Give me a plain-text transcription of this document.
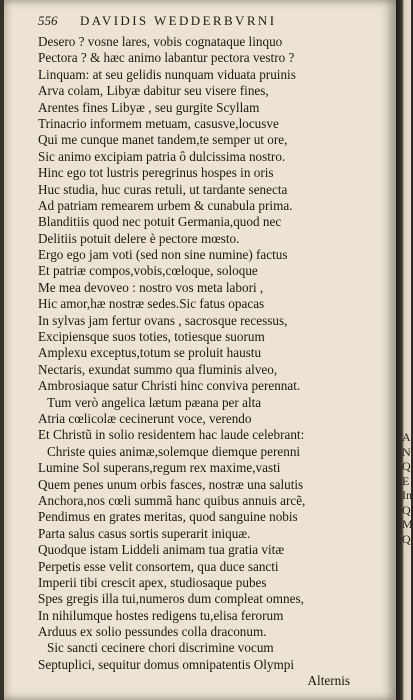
556 DAVIDIS WEDDERBVRNI
Desero ? vosne lares, vobis cognataque linquo
Pectora ? & hæc animo labantur pectora vestro ?
Linquam: at seu gelidis nunquam viduata pruinis
Arva colam, Libyæ dabitur seu visere fines,
Arentes fines Libyæ , seu gurgite Scyllam
Trinacrio informem metuam, casusve,locusve
Qui me cunque manet tandem,te semper ut ore,
Sic animo excipiam patria ô dulcissima nostro.
Hinc ego tot lustris peregrinus hospes in oris
Huc studia, huc curas retuli, ut tardante senecta
Ad patriam remearem urbem & cunabula prima.
Blanditiis quod nec potuit Germania,quod nec
Delitiis potuit delere è pectore mœsto.
Ergo ego jam voti (sed non sine numine) factus
Et patriæ compos,vobis,cœloque, soloque
Me mea devoveo : nostro vos meta labori ,
Hic amor,hæ nostræ sedes.Sic fatus opacas
In sylvas jam fertur ovans , sacrosque recessus,
Excipiensque suos toties, totiesque suorum
Amplexu exceptus,totum se proluit haustu
Nectaris, exundat summo qua fluminis alveo,
Ambrosiaque satur Christi hinc conviva perennat.
Tum verò angelica lætum pæana per alta
Atria cœlicolæ cecinerunt voce, verendo
Et Christũ in solio residentem hac laude celebrant:
Christe quies animæ,solemque diemque perenni
Lumine Sol superans,regum rex maxime,vasti
Quem penes unum orbis fasces, nostræ una salutis
Anchora,nos cœli summã hanc quibus annuis arcẽ,
Pendimus en grates meritas, quod sanguine nobis
Parta salus casus sortis superarit iniquæ.
Quodque istam Liddeli animam tua gratia vitæ
Perpetis esse velit consortem, qua duce sancti
Imperii tibi crescit apex, studiosaque pubes
Spes gregis illa tui,numeros dum compleat omnes,
In nihilumque hostes redigens tu,elisa ferorum
Arduus ex solio pessundes colla draconum.
Sic sancti cecinere chori discrimine vocum
Septuplici, sequitur domus omnipatentis Olympi
Alternis
A
N
Q
E
In
Q
M
Q
